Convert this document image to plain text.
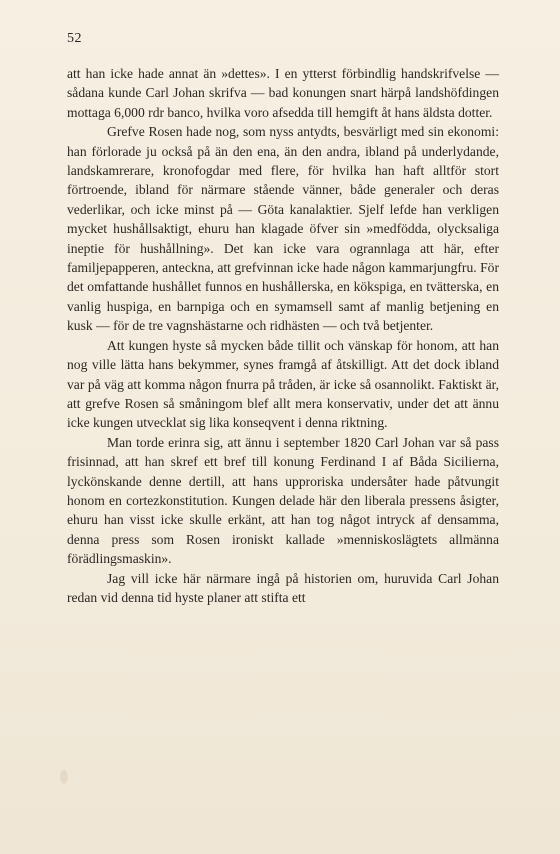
52

att han icke hade annat än »dettes». I en ytterst förbindlig handskrifvelse — sådana kunde Carl Johan skrifva — bad konungen snart härpå landshöfdingen mottaga 6,000 rdr banco, hvilka voro afsedda till hemgift åt hans äldsta dotter.

Grefve Rosen hade nog, som nyss antydts, besvärligt med sin ekonomi: han förlorade ju också på än den ena, än den andra, ibland på underlydande, landskamrerare, kronofogdar med flere, för hvilka han haft alltför stort förtroende, ibland för närmare stående vänner, både generaler och deras vederlikar, och icke minst på — Göta kanalaktier. Sjelf lefde han verkligen mycket hushållsaktigt, ehuru han klagade öfver sin »medfödda, olycksaliga ineptie för hushållning». Det kan icke vara ogrannlaga att här, efter familjepapperen, anteckna, att grefvinnan icke hade någon kammarjungfru. För det omfattande hushållet funnos en hushållerska, en kökspiga, en tvätterska, en vanlig huspiga, en barnpiga och en symamsell samt af manlig betjening en kusk — för de tre vagnshästarne och ridhästen — och två betjenter.

Att kungen hyste så mycken både tillit och vänskap för honom, att han nog ville lätta hans bekymmer, synes framgå af åtskilligt. Att det dock ibland var på väg att komma någon fnurra på tråden, är icke så osannolikt. Faktiskt är, att grefve Rosen så småningom blef allt mera konservativ, under det att ännu icke kungen utvecklat sig lika konseqvent i denna riktning.

Man torde erinra sig, att ännu i september 1820 Carl Johan var så pass frisinnad, att han skref ett bref till konung Ferdinand I af Båda Sicilierna, lyckönskande denne dertill, att hans upproriska undersåter hade påtvungit honom en cortezkonstitution. Kungen delade här den liberala pressens åsigter, ehuru han visst icke skulle erkänt, att han tog något intryck af densamma, denna press som Rosen ironiskt kallade »menniskoslägtets allmänna förädlingsmaskin».

Jag vill icke här närmare ingå på historien om, huruvida Carl Johan redan vid denna tid hyste planer att stifta ett
